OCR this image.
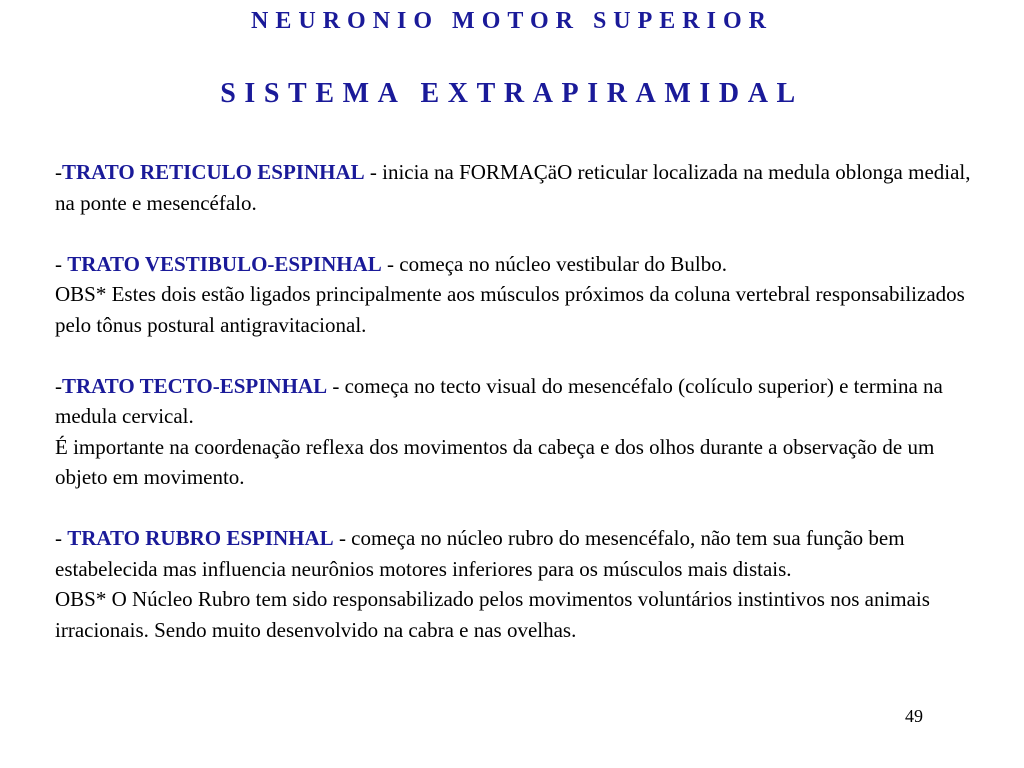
NEURONIO MOTOR SUPERIOR
SISTEMA EXTRAPIRAMIDAL
-TRATO RETICULO ESPINHAL - inicia na FORMAÇäO reticular localizada na medula oblonga medial, na ponte e mesencéfalo.
- TRATO VESTIBULO-ESPINHAL - começa no núcleo vestibular do Bulbo.
OBS* Estes dois estão ligados principalmente aos músculos próximos da coluna vertebral responsabilizados pelo tônus postural antigravitacional.
-TRATO TECTO-ESPINHAL - começa no tecto visual do mesencéfalo (colículo superior) e termina na medula cervical.
É importante na coordenação reflexa dos movimentos da cabeça e dos olhos durante a observação de um objeto em movimento.
- TRATO RUBRO ESPINHAL - começa no núcleo rubro do mesencéfalo, não tem sua função bem estabelecida mas influencia neurônios motores inferiores para os músculos mais distais.
OBS* O Núcleo Rubro tem sido responsabilizado pelos movimentos voluntários instintivos nos animais irracionais. Sendo muito desenvolvido na cabra e nas ovelhas.
49
